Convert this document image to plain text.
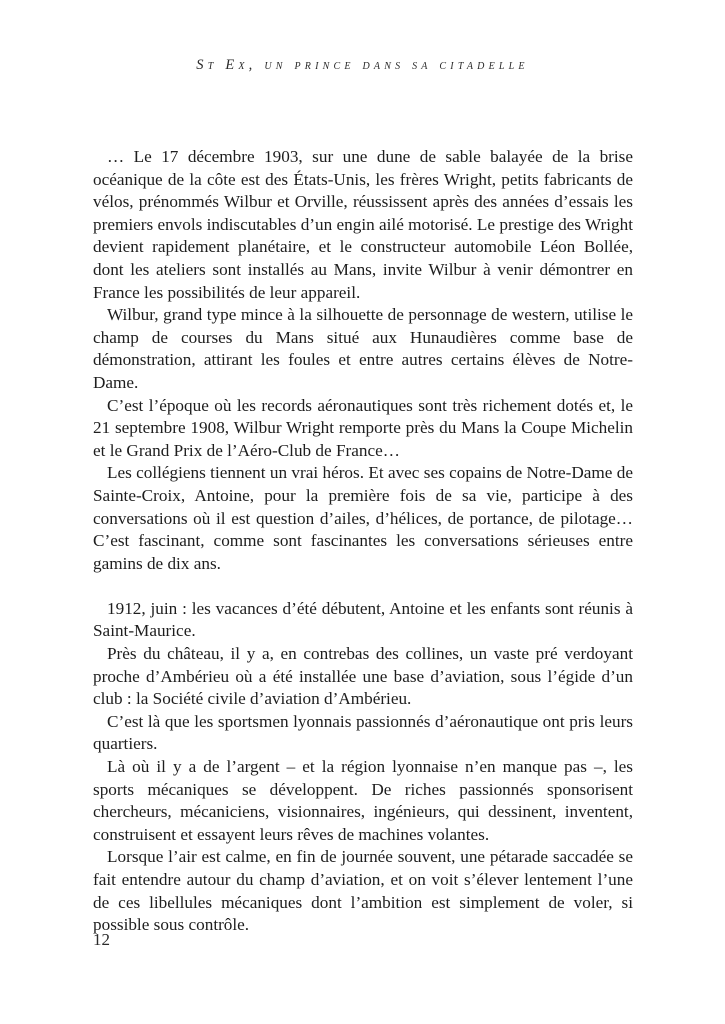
St Ex, un prince dans sa citadelle

… Le 17 décembre 1903, sur une dune de sable balayée de la brise océanique de la côte est des États-Unis, les frères Wright, petits fabricants de vélos, prénommés Wilbur et Orville, réussissent après des années d’essais les premiers envols indiscutables d’un engin ailé motorisé. Le prestige des Wright devient rapidement planétaire, et le constructeur automobile Léon Bollée, dont les ateliers sont installés au Mans, invite Wilbur à venir démontrer en France les possibilités de leur appareil.

Wilbur, grand type mince à la silhouette de personnage de western, utilise le champ de courses du Mans situé aux Hunaudières comme base de démonstration, attirant les foules et entre autres certains élèves de Notre-Dame.

C’est l’époque où les records aéronautiques sont très richement dotés et, le 21 septembre 1908, Wilbur Wright remporte près du Mans la Coupe Michelin et le Grand Prix de l’Aéro-Club de France…

Les collégiens tiennent un vrai héros. Et avec ses copains de Notre-Dame de Sainte-Croix, Antoine, pour la première fois de sa vie, participe à des conversations où il est question d’ailes, d’hélices, de portance, de pilotage… C’est fascinant, comme sont fascinantes les conversations sérieuses entre gamins de dix ans.

1912, juin : les vacances d’été débutent, Antoine et les enfants sont réunis à Saint-Maurice.

Près du château, il y a, en contrebas des collines, un vaste pré verdoyant proche d’Ambérieu où a été installée une base d’aviation, sous l’égide d’un club : la Société civile d’aviation d’Ambérieu.

C’est là que les sportsmen lyonnais passionnés d’aéronautique ont pris leurs quartiers.

Là où il y a de l’argent – et la région lyonnaise n’en manque pas –, les sports mécaniques se développent. De riches passionnés sponsorisent chercheurs, mécaniciens, visionnaires, ingénieurs, qui dessinent, inventent, construisent et essayent leurs rêves de machines volantes.

Lorsque l’air est calme, en fin de journée souvent, une pétarade saccadée se fait entendre autour du champ d’aviation, et on voit s’élever lentement l’une de ces libellules mécaniques dont l’ambition est simplement de voler, si possible sous contrôle.

12
